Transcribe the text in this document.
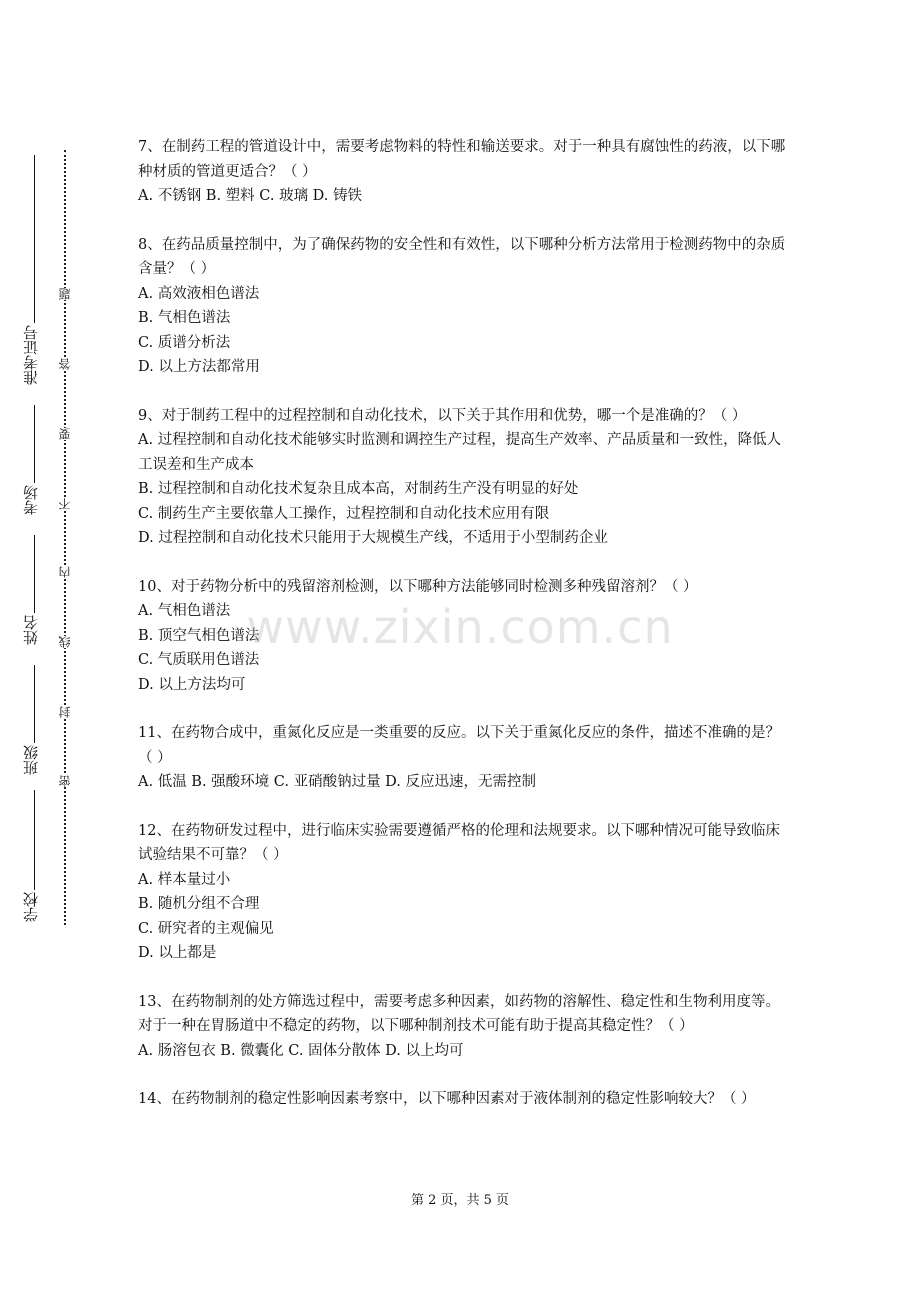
学校
班级
姓名
考场
准考证号
密
封
线
内
不
要
答
题

7、在制药工程的管道设计中，需要考虑物料的特性和输送要求。对于一种具有腐蚀性的药液，以下哪种材质的管道更适合？（ ）

A. 不锈钢 B. 塑料 C. 玻璃 D. 铸铁

8、在药品质量控制中，为了确保药物的安全性和有效性，以下哪种分析方法常用于检测药物中的杂质含量？（ ）

A. 高效液相色谱法

B. 气相色谱法

C. 质谱分析法

D. 以上方法都常用

9、对于制药工程中的过程控制和自动化技术，以下关于其作用和优势，哪一个是准确的？（ ）

A. 过程控制和自动化技术能够实时监测和调控生产过程，提高生产效率、产品质量和一致性，降低人工误差和生产成本

B. 过程控制和自动化技术复杂且成本高，对制药生产没有明显的好处

C. 制药生产主要依靠人工操作，过程控制和自动化技术应用有限

D. 过程控制和自动化技术只能用于大规模生产线，不适用于小型制药企业

10、对于药物分析中的残留溶剂检测，以下哪种方法能够同时检测多种残留溶剂？（ ）

A. 气相色谱法

B. 顶空气相色谱法

C. 气质联用色谱法

D. 以上方法均可

11、在药物合成中，重氮化反应是一类重要的反应。以下关于重氮化反应的条件，描述不准确的是？（ ）

A. 低温 B. 强酸环境 C. 亚硝酸钠过量 D. 反应迅速，无需控制

12、在药物研发过程中，进行临床实验需要遵循严格的伦理和法规要求。以下哪种情况可能导致临床试验结果不可靠？（ ）

A. 样本量过小

B. 随机分组不合理

C. 研究者的主观偏见

D. 以上都是

13、在药物制剂的处方筛选过程中，需要考虑多种因素，如药物的溶解性、稳定性和生物利用度等。对于一种在胃肠道中不稳定的药物，以下哪种制剂技术可能有助于提高其稳定性？（ ）

A. 肠溶包衣 B. 微囊化 C. 固体分散体 D. 以上均可

14、在药物制剂的稳定性影响因素考察中，以下哪种因素对于液体制剂的稳定性影响较大？（ ）

www.zixin.com.cn
第 2 页，共 5 页
